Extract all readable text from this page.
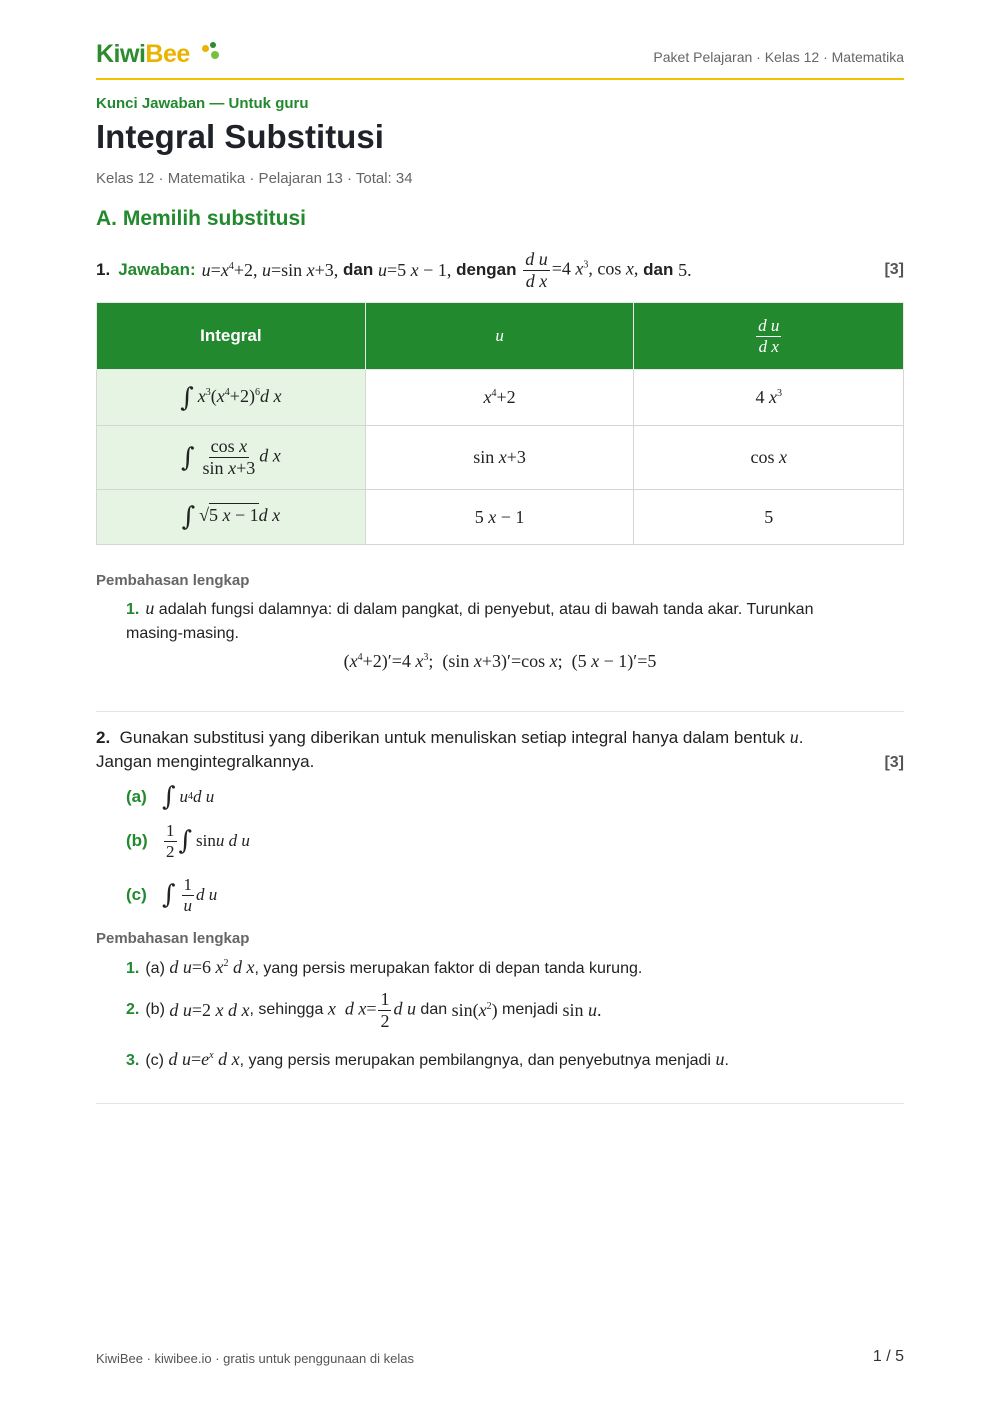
KiwiBee	Paket Pelajaran · Kelas 12 · Matematika
Kunci Jawaban — Untuk guru
Integral Substitusi
Kelas 12 · Matematika · Pelajaran 13 · Total: 34
A. Memilih substitusi
1. Jawaban: $u=x^4+2$, u=sin x+3,
dan
u=5 x − 1,
dengan
$\frac{\text{d u}}{\text{d x}} =4$ $x^3$, cos x,
dan
5.	[3]
Integral	u	$\frac{\text{d u}}{\text{d x}}$

∫ $x^3(x^4+2)^6d$ x	$x^4+2$	4 $x^3$
∫ $\frac{\text{cos x}}{\text{sin x+3}}$ d x	sin x+3	cos x
∫ √5 x − 1d x	5 x − 1	5
Pembahasan lengkap
1. u adalah fungsi dalamnya: di dalam pangkat, di penyebut, atau di bawah tanda akar. Turunkan
masing-masing.
$(x^4+2)'=4$ $x^3$;  (sin x+3)′=cos x;  (5 x − 1)′=5
2. Gunakan substitusi yang diberikan untuk menuliskan setiap integral hanya dalam bentuk u.
Jangan mengintegralkannya.	[3]
(a) ∫ u 4 d u
$(b) \frac{1}{2}$ ∫ sin u
d u
(c) ∫ $\frac{1}{u}$ d u
Pembahasan lengkap
1. (a) d u=6 $x^2$ d x, yang persis merupakan faktor di depan tanda kurung.
2. (b)
d u=2 x d x , sehingga
x d $x= \frac{1}{2}$ d u
dan
$\sin(x^2)$
menjadi
sin u.
3. (c) d $u=e^x$ d x, yang persis merupakan pembilangnya, dan penyebutnya menjadi u.
KiwiBee · kiwibee.io · gratis untuk penggunaan di kelas	1 / 5
